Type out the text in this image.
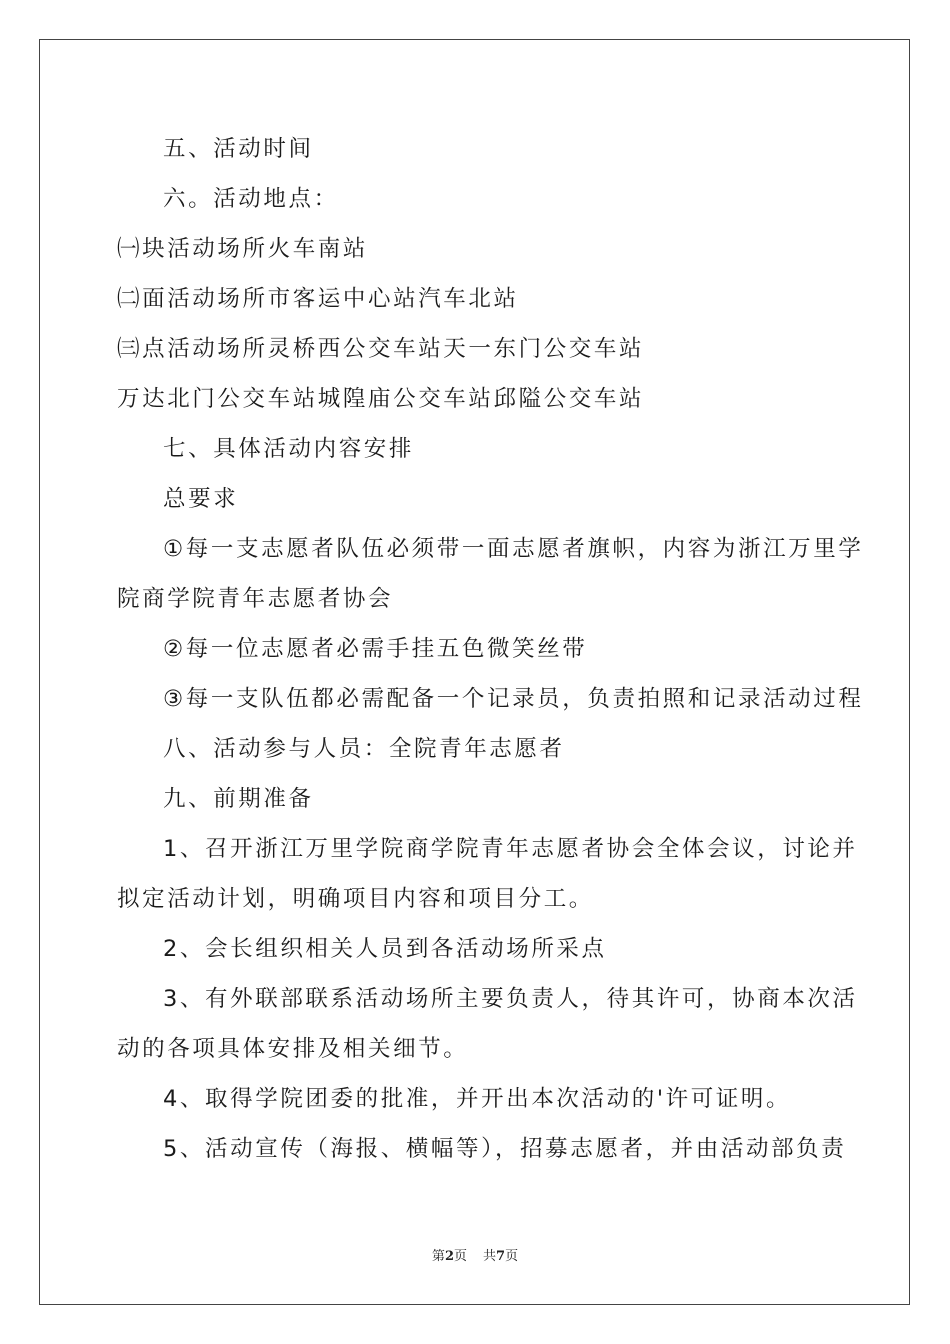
五、活动时间

六。活动地点：

㈠块活动场所火车南站

㈡面活动场所市客运中心站汽车北站

㈢点活动场所灵桥西公交车站天一东门公交车站

万达北门公交车站城隍庙公交车站邱隘公交车站

七、具体活动内容安排

总要求

①每一支志愿者队伍必须带一面志愿者旗帜，内容为浙江万里学

院商学院青年志愿者协会

②每一位志愿者必需手挂五色微笑丝带

③每一支队伍都必需配备一个记录员，负责拍照和记录活动过程

八、活动参与人员：全院青年志愿者

九、前期准备

1、召开浙江万里学院商学院青年志愿者协会全体会议，讨论并

拟定活动计划，明确项目内容和项目分工。

2、会长组织相关人员到各活动场所采点

3、有外联部联系活动场所主要负责人，待其许可，协商本次活

动的各项具体安排及相关细节。

4、取得学院团委的批准，并开出本次活动的'许可证明。

5、活动宣传（海报、横幅等），招募志愿者，并由活动部负责

第2页 共7页
